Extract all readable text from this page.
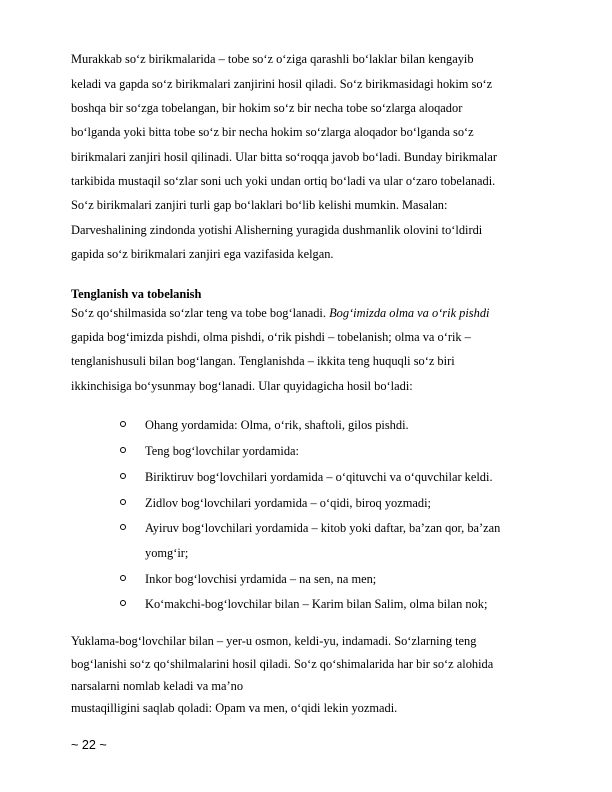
Murakkab soʻz birikmalarida – tobe soʻz oʻziga qarashli boʻlaklar bilan kengayib
keladi va gapda soʻz birikmalari zanjirini hosil qiladi. Soʻz birikmasidagi hokim soʻz
boshqa bir soʻzga tobelangan, bir hokim soʻz bir necha tobe soʻzlarga aloqador
boʻlganda yoki bitta tobe soʻz bir necha hokim soʻzlarga aloqador boʻlganda soʻz
birikmalari zanjiri hosil qilinadi. Ular bitta soʻroqqa javob boʻladi. Bunday birikmalar
tarkibida mustaqil soʻzlar soni uch yoki undan ortiq boʻladi va ular oʻzaro tobelanadi.
Soʻz birikmalari zanjiri turli gap boʻlaklari boʻlib kelishi mumkin. Masalan:
Darveshalining zindonda yotishi Alisherning yuragida dushmanlik olovini toʻldirdi
gapida soʻz birikmalari zanjiri ega vazifasida kelgan.
Tenglanish va tobelanish
Soʻz qoʻshilmasida soʻzlar teng va tobe bogʻlanadi. Bogʻimizda olma va oʻrik pishdi
gapida bogʻimizda pishdi, olma pishdi, oʻrik pishdi – tobelanish; olma va oʻrik –
tenglanishusuli bilan bogʻlangan. Tenglanishda – ikkita teng huquqli soʻz biri
ikkinchisiga boʻysunmay bogʻlanadi. Ular quyidagicha hosil boʻladi:
Ohang yordamida: Olma, oʻrik, shaftoli, gilos pishdi.
Teng bogʻlovchilar yordamida:
Biriktiruv bogʻlovchilari yordamida – oʻqituvchi va oʻquvchilar keldi.
Zidlov bogʻlovchilari yordamida – oʻqidi, biroq yozmadi;
Ayiruv bogʻlovchilari yordamida – kitob yoki daftar, ba’zan qor, ba’zan
yomgʻir;
Inkor bogʻlovchisi yrdamida – na sen, na men;
Koʻmakchi-bogʻlovchilar bilan – Karim bilan Salim, olma bilan nok;
Yuklama-bogʻlovchilar bilan – yer-u osmon, keldi-yu, indamadi. Soʻzlarning teng
bogʻlanishi soʻz qoʻshilmalarini hosil qiladi. Soʻz qoʻshimalarida har bir soʻz alohida
narsalarni nomlab keladi va ma’no
mustaqilligini saqlab qoladi: Opam va men, oʻqidi lekin yozmadi.
~ 22 ~
